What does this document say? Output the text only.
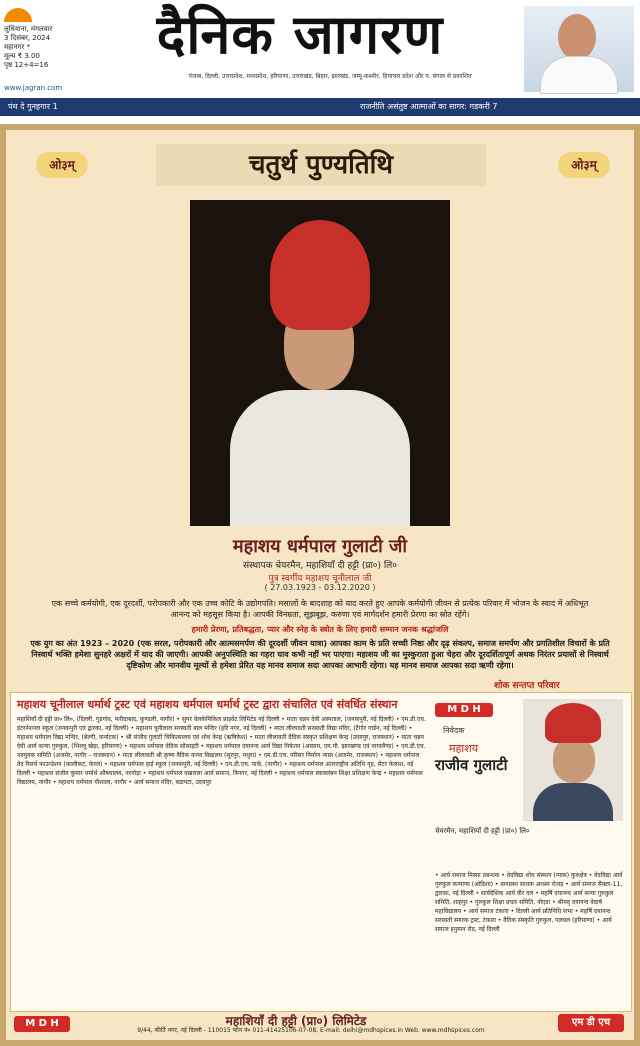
लुधियाना, मंगलवार
3 दिसंबर, 2024
महानगर *
मूल्य ₹ 3.00
पृष्ठ 12+4=16	दैनिक जागरण
पंजाब, दिल्ली, उत्तरप्रदेश, मध्यप्रदेश, हरियाणा, उत्तराखंड, बिहार, झारखंड, जम्मू-कश्मीर, हिमाचल प्रदेश और प. बंगाल से प्रकाशित
www.jagran.com
पंथ दे गुनहगार 1	राजनीति असंतुष्ट आत्माओं का सागर: गडकरी 7
ओ३म्	चतुर्थ पुण्यतिथि	ओ३म्
महाशय धर्मपाल गुलाटी जी
संस्थापक चेयरमैन, महाशियाँ दी हट्टी (प्रा०) लि०
पुत्र स्वर्गीय महाशय चूनीलाल जी
( 27.03.1923 - 03.12.2020 )
एक सच्चे कर्मयोगी, एक दूरदर्शी, परोपकारी और एक उच्च कोटि के उद्योगपति। मसालों के बादशाह को याद करते हुए आपके कर्मयोगी जीवन से प्रत्येक परिवार में भोजन के स्वाद में अधिभूत आनन्द को महसूस किया है। आपकी विनम्रता, सूझबूझ, करुणा एवं मार्गदर्शन हमारी प्रेरणा का स्रोत रहेंगे।
हमारी प्रेरणा, प्रतिबद्धता, प्यार और स्नेह के स्त्रोत के लिए हमारी सम्मान जनक श्रद्धांजलि
एक युग का अंत 1923 – 2020 (एक सरल, परोपकारी और आत्मसमर्पण की दूरदर्शी जीवन यात्रा) आपका काम के प्रति सच्ची निष्ठा और दृढ़ संकल्प, समाज समर्पण और प्रगतिशील विचारों के प्रति निस्वार्थ भक्ति हमेशा सुनहरे अक्षरों में याद की जाएगी। आपकी अनुपस्थिति का गहरा घाव कभी नहीं भर पाएगा। महाशय जी का मुस्कुराता हुआ चेहरा और दूरदर्शितापूर्ण अथक निरंतर प्रयासों से निस्वार्थ दृष्टिकोण और मानवीय मूल्यों से हमेशा प्रेरित यह मानव समाज सदा आपका आभारी रहेगा। यह मानव समाज आपका सदा ऋणी रहेगा।
शोक सन्तप्त परिवार
महाशय चूनीलाल धर्मार्थ ट्रस्ट एवं महाशय धर्मपाल धर्मार्थ ट्रस्ट द्वारा संचालित एवं संवर्धित संस्थान
महाशियाँ दी हट्टी प्रा० लि०, (दिल्ली, गुड़गांव, फरीदाबाद, कुण्डली, नागौर) • सुपर वेलकेमिकिल प्राइवेट लिमिटेड नई दिल्ली • माता चन्नन देवी अस्पताल, (जनकपुरी, नई दिल्ली) • एम.डी.एच. इंटरनेशनल स्कूल (जनकपुरी एवं द्वारका, नई दिल्ली) • महाशय चूनीलाल सरस्वती बाल मन्दिर (हरि नगर, नई दिल्ली) • माता लीलावती सरस्वती विद्या मंदिर, (टैगोर गार्डन, नई दिल्ली) • महाशय धर्मपाल विद्या मन्दिर, (बेल्गी, कर्नाटक) • श्री संजीव गुलाटी चिकित्सालय एवं शोध केन्द्र (ऋषिकेश) • माता लीलावती वैदिक संस्कृत प्रशिक्षण केन्द्र (उदयपुर, राजस्थान) • माता चन्नन देवी आर्य कन्या गुरुकुल, (भिल्लू खेड़ा, हरियाणा) • महाशय धर्मपाल वेदिक सोसाइटी • महाशय धर्मपाल दयानन्द आर्य विद्या निकेतन (आसाम, एम.पी. झारखण्ड एवं नागालैण्ड) • एम.डी.एच. नवयुवक समिति (अजमेर, नागौर – राजस्थान) • माता लीलावती श्री कृष्ण वैदिक कन्या विद्यालय (सुरपुर, मथुरा) • एम.डी.एच. परिसर निर्माण न्यास (अजमेर, राजस्थान) • महाशय धर्मपाल वेद रिसर्च फाउन्डेशन (कालीकट, केरल) • महाशय धर्मपाल हाई स्कूल (जनकपुरी, नई दिल्ली) • एम.डी.एच. पार्क, (नागौर) • महाशय धर्मपाल अंतरराष्ट्रीय अतिथि गृह, सेंटर केलाश, नई दिल्ली • महाशय संजीव कुमार धर्मार्थ औषधालय, नरनोड़ा • महाशय धर्मपाल वखराला आर्य समाज, त्रिनगर, नई दिल्ली • महाशय धर्मपाल स्वावलंबन शिक्षा प्रशिक्षण केन्द्र • महाशय धर्मपाल विद्यालय, नागौर • महाशय धर्मपाल गौशाला, नागौर • आर्य समाज मंदिर, बडापटा, उदयपुर
M D H
निवेदक
महाशय
राजीव गुलाटी
चेयरमैन, महाशियाँ दी हट्टी (प्रा०) लि०
• आर्य समाज मिस्सा प्रबन्धक • वेदविद्या शोध संस्थान (न्यास) कुरुक्षेत्र • वेदविद्या आर्य गुरुकुल कन्याणा (ओडिशा) • वानप्रस्थ साधक आश्रम रोजड़ • आर्य समाज सैक्टर-11, द्वारका, नई दिल्ली • सार्वदेशिक आर्य वीर दल • महर्षि दयानन्द आर्य कन्या गुरुकुल समिति, शाहपुर • गुरुकुल शिक्षा प्रचार समिति, नोएडा • श्रीमद् दयानन्द वेदार्ष महाविद्यालय • आर्य समाज टंकारा • दिल्ली आर्य प्रतिनिधि सभा • महर्षि दयानन्द सरस्वती स्मारक ट्रस्ट, टंकारा • वैदिक संस्कृति गुरुकुल, पलवल (हरियाणा) • आर्य समाज हनुमान रोड, नई दिल्ली
M D H	महाशियाँ दी हट्टी (प्रा०) लिमिटेड
9/44, कीर्ति नगर, नई दिल्ली - 110015 फोन नं० 011-41425106-07-08, E-mail: delhi@mdhspices.in Web. www.mdhspices.com
एम डी एच
